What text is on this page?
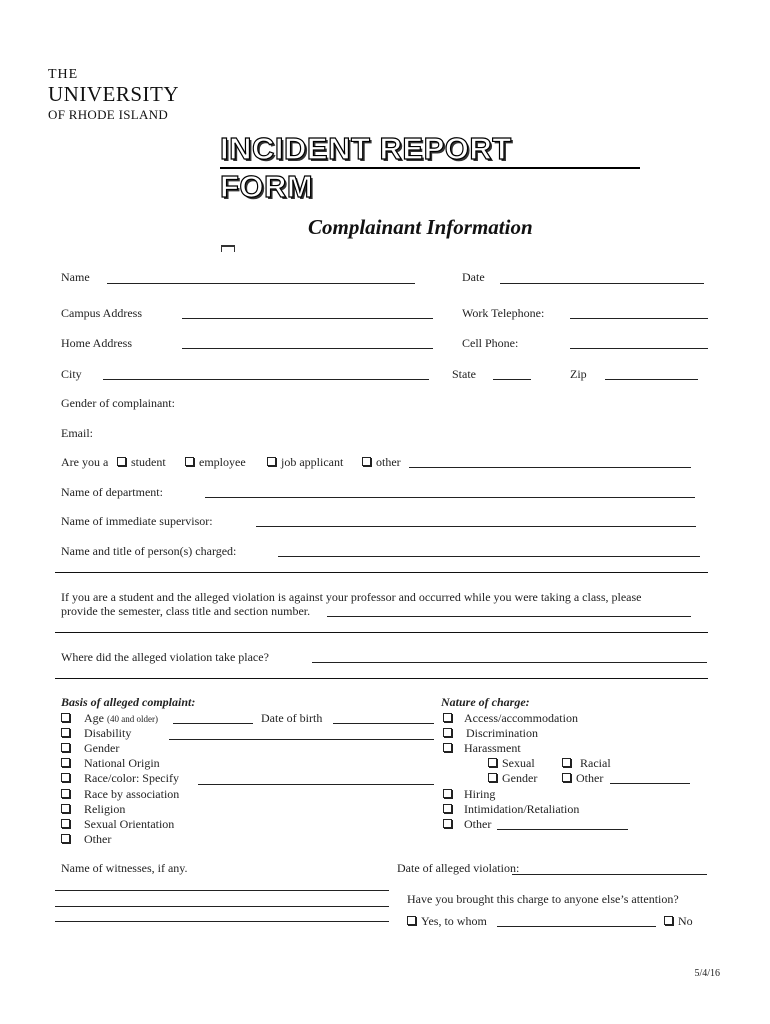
THE
UNIVERSITY
OF RHODE ISLAND
INCIDENT REPORT
FORM
Complainant Information
Name	Date
Campus Address	Work Telephone:
Home Address	Cell Phone:
City	State	Zip
Gender of complainant:
Email:
Are you a	student	employee	job applicant	other
Name of department:
Name of immediate supervisor:
Name and title of person(s) charged:
If you are a student and the alleged violation is against your professor and occurred while you were taking a class, please
provide the semester, class title and section number.
Where did the alleged violation take place?
Basis of alleged complaint:
Age (40 and older)	Date of birth
Disability
Gender
National Origin
Race/color: Specify
Race by association
Religion
Sexual Orientation
Other
Nature of charge:
Access/accommodation
Discrimination
Harassment
Sexual	Racial
Gender	Other
Hiring
Intimidation/Retaliation
Other
Name of witnesses, if any.	Date of alleged violation:
Have you brought this charge to anyone else’s attention?
Yes, to whom	No
5/4/16
